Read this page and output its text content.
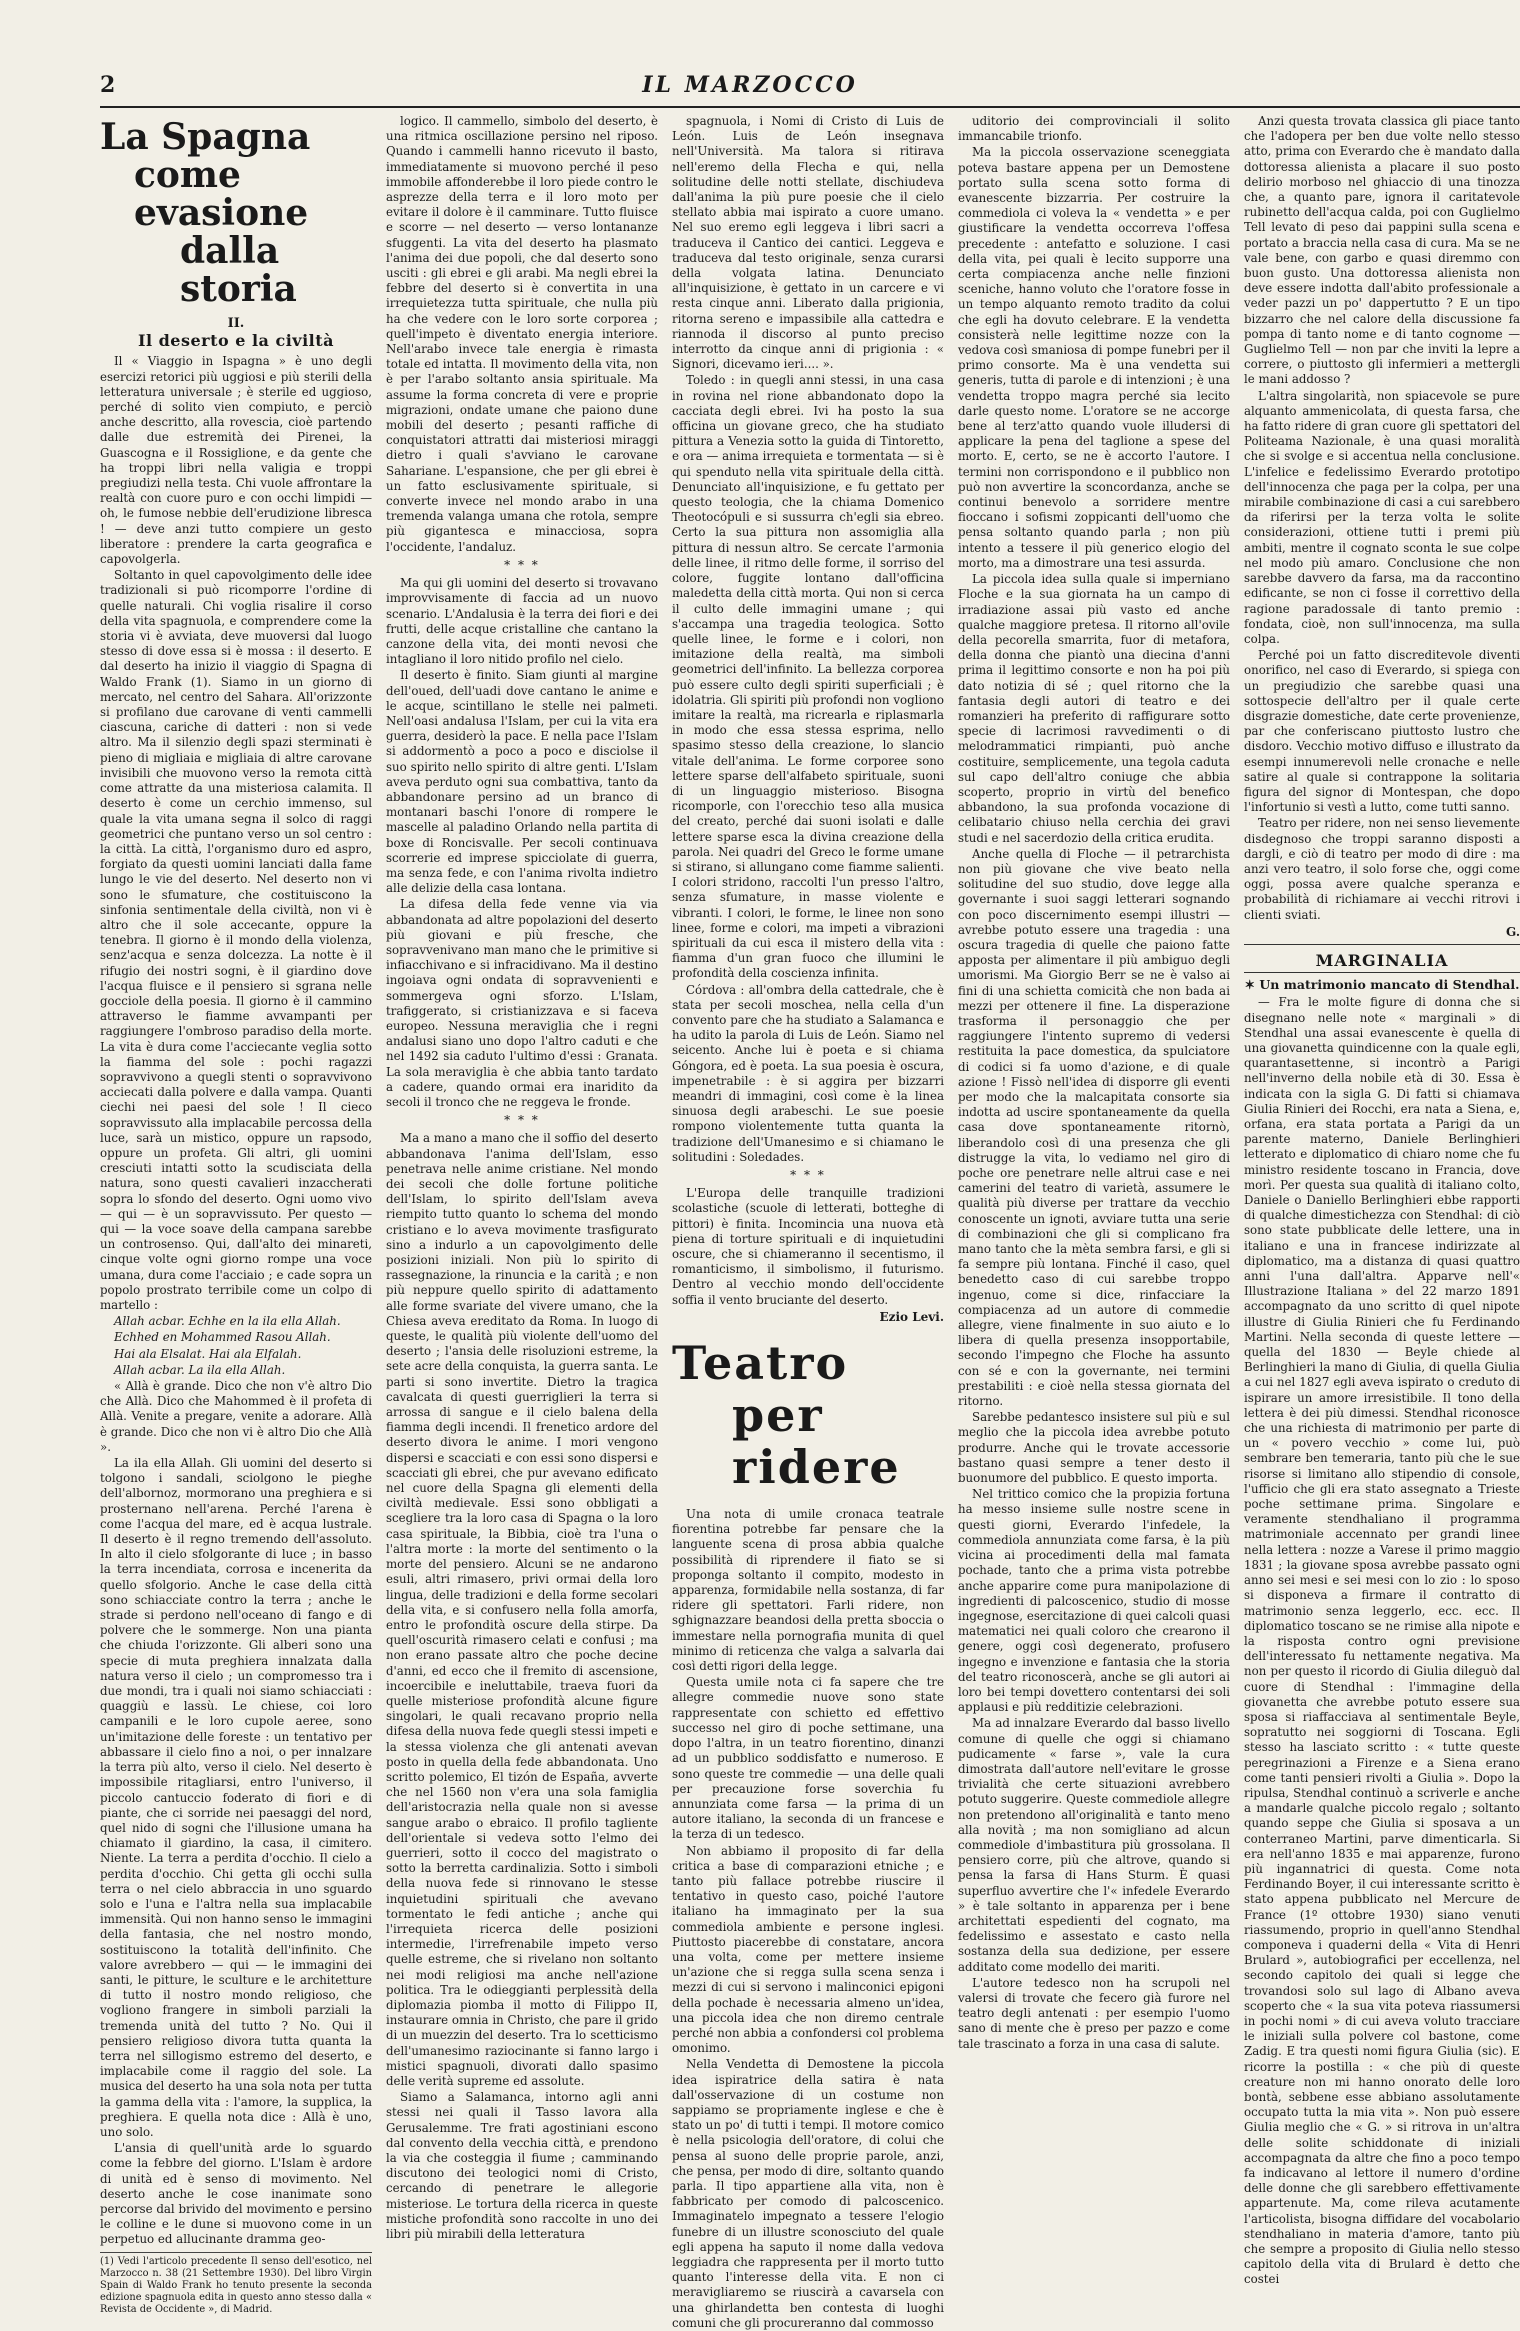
2	IL MARZOCCO
La Spagna
come evasione
dalla storia
II.
Il deserto e la civiltà

Il « Viaggio in Ispagna » è uno degli esercizi retorici più uggiosi e più sterili della letteratura universale ; è sterile ed uggioso, perché di solito vien compiuto, e perciò anche descritto, alla rovescia, cioè partendo dalle due estremità dei Pirenei, la Guascogna e il Rossiglione, e da gente che ha troppi libri nella valigia e troppi pregiudizi nella testa. Chi vuole affrontare la realtà con cuore puro e con occhi limpidi — oh, le fumose nebbie dell'erudizione libresca ! — deve anzi tutto compiere un gesto liberatore : prendere la carta geografica e capovolgerla.

Soltanto in quel capovolgimento delle idee tradizionali si può ricomporre l'ordine di quelle naturali. Chi voglia risalire il corso della vita spagnuola, e comprendere come la storia vi è avviata, deve muoversi dal luogo stesso di dove essa si è mossa : il deserto. E dal deserto ha inizio il viaggio di Spagna di Waldo Frank (1). Siamo in un giorno di mercato, nel centro del Sahara. All'orizzonte si profilano due carovane di venti cammelli ciascuna, cariche di datteri : non si vede altro. Ma il silenzio degli spazi sterminati è pieno di migliaia e migliaia di altre carovane invisibili che muovono verso la remota città come attratte da una misteriosa calamita. Il deserto è come un cerchio immenso, sul quale la vita umana segna il solco di raggi geometrici che puntano verso un sol centro : la città. La città, l'organismo duro ed aspro, forgiato da questi uomini lanciati dalla fame lungo le vie del deserto. Nel deserto non vi sono le sfumature, che costituiscono la sinfonia sentimentale della civiltà, non vi è altro che il sole accecante, oppure la tenebra. Il giorno è il mondo della violenza, senz'acqua e senza dolcezza. La notte è il rifugio dei nostri sogni, è il giardino dove l'acqua fluisce e il pensiero si sgrana nelle gocciole della poesia. Il giorno è il cammino attraverso le fiamme avvampanti per raggiungere l'ombroso paradiso della morte. La vita è dura come l'acciecante veglia sotto la fiamma del sole : pochi ragazzi sopravvivono a quegli stenti o sopravvivono acciecati dalla polvere e dalla vampa. Quanti ciechi nei paesi del sole ! Il cieco sopravvissuto alla implacabile percossa della luce, sarà un mistico, oppure un rapsodo, oppure un profeta. Gli altri, gli uomini cresciuti intatti sotto la scudisciata della natura, sono questi cavalieri inzaccherati sopra lo sfondo del deserto. Ogni uomo vivo — qui — è un sopravvissuto. Per questo — qui — la voce soave della campana sarebbe un controsenso. Qui, dall'alto dei minareti, cinque volte ogni giorno rompe una voce umana, dura come l'acciaio ; e cade sopra un popolo prostrato terribile come un colpo di martello :

Allah acbar. Echhe en la ila ella Allah.

Echhed en Mohammed Rasou Allah.

Hai ala Elsalat. Hai ala Elfalah.

Allah acbar. La ila ella Allah.

« Allà è grande. Dico che non v'è altro Dio che Allà. Dico che Mahommed è il profeta di Allà. Venite a pregare, venite a adorare. Allà è grande. Dico che non vi è altro Dio che Allà ».

La ila ella Allah. Gli uomini del deserto si tolgono i sandali, sciolgono le pieghe dell'albornoz, mormorano una preghiera e si prosternano nell'arena. Perché l'arena è come l'acqua del mare, ed è acqua lustrale. Il deserto è il regno tremendo dell'assoluto. In alto il cielo sfolgorante di luce ; in basso la terra incendiata, corrosa e incenerita da quello sfolgorio. Anche le case della città sono schiacciate contro la terra ; anche le strade si perdono nell'oceano di fango e di polvere che le sommerge. Non una pianta che chiuda l'orizzonte. Gli alberi sono una specie di muta preghiera innalzata dalla natura verso il cielo ; un compromesso tra i due mondi, tra i quali noi siamo schiacciati : quaggiù e lassù. Le chiese, coi loro campanili e le loro cupole aeree, sono un'imitazione delle foreste : un tentativo per abbassare il cielo fino a noi, o per innalzare la terra più alto, verso il cielo. Nel deserto è impossibile ritagliarsi, entro l'universo, il piccolo cantuccio foderato di fiori e di piante, che ci sorride nei paesaggi del nord, quel nido di sogni che l'illusione umana ha chiamato il giardino, la casa, il cimitero. Niente. La terra a perdita d'occhio. Il cielo a perdita d'occhio. Chi getta gli occhi sulla terra o nel cielo abbraccia in uno sguardo solo e l'una e l'altra nella sua implacabile immensità. Qui non hanno senso le immagini della fantasia, che nel nostro mondo, sostituiscono la totalità dell'infinito. Che valore avrebbero — qui — le immagini dei santi, le pitture, le sculture e le architetture di tutto il nostro mondo religioso, che vogliono frangere in simboli parziali la tremenda unità del tutto ? No. Qui il pensiero religioso divora tutta quanta la terra nel sillogismo estremo del deserto, e implacabile come il raggio del sole. La musica del deserto ha una sola nota per tutta la gamma della vita : l'amore, la supplica, la preghiera. E quella nota dice : Allà è uno, uno solo.

L'ansia di quell'unità arde lo sguardo come la febbre del giorno. L'Islam è ardore di unità ed è senso di movimento. Nel deserto anche le cose inanimate sono percorse dal brivido del movimento e persino le colline e le dune si muovono come in un perpetuo ed allucinante dramma geo-

(1) Vedi l'articolo precedente Il senso dell'esotico, nel Marzocco n. 38 (21 Settembre 1930). Del libro Virgin Spain di Waldo Frank ho tenuto presente la seconda edizione spagnuola edita in questo anno stesso dalla « Revista de Occidente », di Madrid.

logico. Il cammello, simbolo del deserto, è una ritmica oscillazione persino nel riposo. Quando i cammelli hanno ricevuto il basto, immediatamente si muovono perché il peso immobile affonderebbe il loro piede contro le asprezze della terra e il loro moto per evitare il dolore è il camminare. Tutto fluisce e scorre — nel deserto — verso lontananze sfuggenti. La vita del deserto ha plasmato l'anima dei due popoli, che dal deserto sono usciti : gli ebrei e gli arabi. Ma negli ebrei la febbre del deserto si è convertita in una irrequietezza tutta spirituale, che nulla più ha che vedere con le loro sorte corporea ; quell'impeto è diventato energia interiore. Nell'arabo invece tale energia è rimasta totale ed intatta. Il movimento della vita, non è per l'arabo soltanto ansia spirituale. Ma assume la forma concreta di vere e proprie migrazioni, ondate umane che paiono dune mobili del deserto ; pesanti raffiche di conquistatori attratti dai misteriosi miraggi dietro i quali s'avviano le carovane Sahariane. L'espansione, che per gli ebrei è un fatto esclusivamente spirituale, si converte invece nel mondo arabo in una tremenda valanga umana che rotola, sempre più gigantesca e minacciosa, sopra l'occidente, l'andaluz.

* * *

Ma qui gli uomini del deserto si trovavano improvvisamente di faccia ad un nuovo scenario. L'Andalusia è la terra dei fiori e dei frutti, delle acque cristalline che cantano la canzone della vita, dei monti nevosi che intagliano il loro nitido profilo nel cielo.

Il deserto è finito. Siam giunti al margine dell'oued, dell'uadi dove cantano le anime e le acque, scintillano le stelle nei palmeti. Nell'oasi andalusa l'Islam, per cui la vita era guerra, desiderò la pace. E nella pace l'Islam si addormentò a poco a poco e disciolse il suo spirito nello spirito di altre genti. L'Islam aveva perduto ogni sua combattiva, tanto da abbandonare persino ad un branco di montanari baschi l'onore di rompere le mascelle al paladino Orlando nella partita di boxe di Roncisvalle. Per secoli continuava scorrerie ed imprese spicciolate di guerra, ma senza fede, e con l'anima rivolta indietro alle delizie della casa lontana.

La difesa della fede venne via via abbandonata ad altre popolazioni del deserto più giovani e più fresche, che sopravvenivano man mano che le primitive si infiacchivano e si infracidivano. Ma il destino ingoiava ogni ondata di sopravvenienti e sommergeva ogni sforzo. L'Islam, trafiggerato, si cristianizzava e si faceva europeo. Nessuna meraviglia che i regni andalusi siano uno dopo l'altro caduti e che nel 1492 sia caduto l'ultimo d'essi : Granata. La sola meraviglia è che abbia tanto tardato a cadere, quando ormai era inaridito da secoli il tronco che ne reggeva le fronde.

* * *

Ma a mano a mano che il soffio del deserto abbandonava l'anima dell'Islam, esso penetrava nelle anime cristiane. Nel mondo dei secoli che dolle fortune politiche dell'Islam, lo spirito dell'Islam aveva riempito tutto quanto lo schema del mondo cristiano e lo aveva movimente trasfigurato sino a indurlo a un capovolgimento delle posizioni iniziali. Non più lo spirito di rassegnazione, la rinuncia e la carità ; e non più neppure quello spirito di adattamento alle forme svariate del vivere umano, che la Chiesa aveva ereditato da Roma. In luogo di queste, le qualità più violente dell'uomo del deserto ; l'ansia delle risoluzioni estreme, la sete acre della conquista, la guerra santa. Le parti si sono invertite. Dietro la tragica cavalcata di questi guerriglieri la terra si arrossa di sangue e il cielo balena della fiamma degli incendi. Il frenetico ardore del deserto divora le anime. I mori vengono dispersi e scacciati e con essi sono dispersi e scacciati gli ebrei, che pur avevano edificato nel cuore della Spagna gli elementi della civiltà medievale. Essi sono obbligati a scegliere tra la loro casa di Spagna o la loro casa spirituale, la Bibbia, cioè tra l'una o l'altra morte : la morte del sentimento o la morte del pensiero. Alcuni se ne andarono esuli, altri rimasero, privi ormai della loro lingua, delle tradizioni e della forme secolari della vita, e si confusero nella folla amorfa, entro le profondità oscure della stirpe. Da quell'oscurità rimasero celati e confusi ; ma non erano passate altro che poche decine d'anni, ed ecco che il fremito di ascensione, incoercibile e ineluttabile, traeva fuori da quelle misteriose profondità alcune figure singolari, le quali recavano proprio nella difesa della nuova fede quegli stessi impeti e la stessa violenza che gli antenati avevan posto in quella della fede abbandonata. Uno scritto polemico, El tizón de España, avverte che nel 1560 non v'era una sola famiglia dell'aristocrazia nella quale non si avesse sangue arabo o ebraico. Il profilo tagliente dell'orientale si vedeva sotto l'elmo dei guerrieri, sotto il cocco del magistrato o sotto la berretta cardinalizia. Sotto i simboli della nuova fede si rinnovano le stesse inquietudini spirituali che avevano tormentato le fedi antiche ; anche qui l'irrequieta ricerca delle posizioni intermedie, l'irrefrenabile impeto verso quelle estreme, che si rivelano non soltanto nei modi religiosi ma anche nell'azione politica. Tra le odieggianti perplessità della diplomazia piomba il motto di Filippo II, instaurare omnia in Christo, che pare il grido di un muezzin del deserto. Tra lo scetticismo dell'umanesimo raziocinante si fanno largo i mistici spagnuoli, divorati dallo spasimo delle verità supreme ed assolute.

Siamo a Salamanca, intorno agli anni stessi nei quali il Tasso lavora alla Gerusalemme. Tre frati agostiniani escono dal convento della vecchia città, e prendono la via che costeggia il fiume ; camminando discutono dei teologici nomi di Cristo, cercando di penetrare le allegorie misteriose. Le tortura della ricerca in queste mistiche profondità sono raccolte in uno dei libri più mirabili della letteratura

spagnuola, i Nomi di Cristo di Luis de León. Luis de León insegnava nell'Università. Ma talora si ritirava nell'eremo della Flecha e qui, nella solitudine delle notti stellate, dischiudeva dall'anima la più pure poesie che il cielo stellato abbia mai ispirato a cuore umano. Nel suo eremo egli leggeva i libri sacri a traduceva il Cantico dei cantici. Leggeva e traduceva dal testo originale, senza curarsi della volgata latina. Denunciato all'inquisizione, è gettato in un carcere e vi resta cinque anni. Liberato dalla prigionia, ritorna sereno e impassibile alla cattedra e riannoda il discorso al punto preciso interrotto da cinque anni di prigionia : « Signori, dicevamo ieri.... ».

Toledo : in quegli anni stessi, in una casa in rovina nel rione abbandonato dopo la cacciata degli ebrei. Ivi ha posto la sua officina un giovane greco, che ha studiato pittura a Venezia sotto la guida di Tintoretto, e ora — anima irrequieta e tormentata — si è qui spenduto nella vita spirituale della città. Denunciato all'inquisizione, e fu gettato per questo teologia, che la chiama Domenico Theotocópuli e si sussurra ch'egli sia ebreo. Certo la sua pittura non assomiglia alla pittura di nessun altro. Se cercate l'armonia delle linee, il ritmo delle forme, il sorriso del colore, fuggite lontano dall'officina maledetta della città morta. Qui non si cerca il culto delle immagini umane ; qui s'accampa una tragedia teologica. Sotto quelle linee, le forme e i colori, non imitazione della realtà, ma simboli geometrici dell'infinito. La bellezza corporea può essere culto degli spiriti superficiali ; è idolatria. Gli spiriti più profondi non vogliono imitare la realtà, ma ricrearla e riplasmarla in modo che essa stessa esprima, nello spasimo stesso della creazione, lo slancio vitale dell'anima. Le forme corporee sono lettere sparse dell'alfabeto spirituale, suoni di un linguaggio misterioso. Bisogna ricomporle, con l'orecchio teso alla musica del creato, perché dai suoni isolati e dalle lettere sparse esca la divina creazione della parola. Nei quadri del Greco le forme umane si stirano, si allungano come fiamme salienti. I colori stridono, raccolti l'un presso l'altro, senza sfumature, in masse violente e vibranti. I colori, le forme, le linee non sono linee, forme e colori, ma impeti a vibrazioni spirituali da cui esca il mistero della vita : fiamma d'un gran fuoco che illumini le profondità della coscienza infinita.

Córdova : all'ombra della cattedrale, che è stata per secoli moschea, nella cella d'un convento pare che ha studiato a Salamanca e ha udito la parola di Luis de León. Siamo nel seicento. Anche lui è poeta e si chiama Góngora, ed è poeta. La sua poesia è oscura, impenetrabile : è si aggira per bizzarri meandri di immagini, così come è la linea sinuosa degli arabeschi. Le sue poesie rompono violentemente tutta quanta la tradizione dell'Umanesimo e si chiamano le solitudini : Soledades.

* * *

L'Europa delle tranquille tradizioni scolastiche (scuole di letterati, botteghe di pittori) è finita. Incomincia una nuova età piena di torture spirituali e di inquietudini oscure, che si chiameranno il secentismo, il romanticismo, il simbolismo, il futurismo. Dentro al vecchio mondo dell'occidente soffia il vento bruciante del deserto.

Ezio Levi.
Teatro
per ridere

Una nota di umile cronaca teatrale fiorentina potrebbe far pensare che la languente scena di prosa abbia qualche possibilità di riprendere il fiato se si proponga soltanto il compito, modesto in apparenza, formidabile nella sostanza, di far ridere gli spettatori. Farli ridere, non sghignazzare beandosi della pretta sboccia o immestare nella pornografia munita di quel minimo di reticenza che valga a salvarla dai così detti rigori della legge.

Questa umile nota ci fa sapere che tre allegre commedie nuove sono state rappresentate con schietto ed effettivo successo nel giro di poche settimane, una dopo l'altra, in un teatro fiorentino, dinanzi ad un pubblico soddisfatto e numeroso. E sono queste tre commedie — una delle quali per precauzione forse soverchia fu annunziata come farsa — la prima di un autore italiano, la seconda di un francese e la terza di un tedesco.

Non abbiamo il proposito di far della critica a base di comparazioni etniche ; e tanto più fallace potrebbe riuscire il tentativo in questo caso, poiché l'autore italiano ha immaginato per la sua commediola ambiente e persone inglesi. Piuttosto piacerebbe di constatare, ancora una volta, come per mettere insieme un'azione che si regga sulla scena senza i mezzi di cui si servono i malinconici epigoni della pochade è necessaria almeno un'idea, una piccola idea che non diremo centrale perché non abbia a confondersi col problema omonimo.

Nella Vendetta di Demostene la piccola idea ispiratrice della satira è nata dall'osservazione di un costume non sappiamo se propriamente inglese e che è stato un po' di tutti i tempi. Il motore comico è nella psicologia dell'oratore, di colui che pensa al suono delle proprie parole, anzi, che pensa, per modo di dire, soltanto quando parla. Il tipo appartiene alla vita, non è fabbricato per comodo di palcoscenico. Immaginatelo impegnato a tessere l'elogio funebre di un illustre sconosciuto del quale egli appena ha saputo il nome dalla vedova leggiadra che rappresenta per il morto tutto quanto l'interesse della vita. E non ci meravigliaremo se riuscirà a cavarsela con una ghirlandetta ben contesta di luoghi comuni che gli procureranno dal commosso

uditorio dei comprovinciali il solito immancabile trionfo.

Ma la piccola osservazione sceneggiata poteva bastare appena per un Demostene portato sulla scena sotto forma di evanescente bizzarria. Per costruire la commediola ci voleva la « vendetta » e per giustificare la vendetta occorreva l'offesa precedente : antefatto e soluzione. I casi della vita, pei quali è lecito supporre una certa compiacenza anche nelle finzioni sceniche, hanno voluto che l'oratore fosse in un tempo alquanto remoto tradito da colui che egli ha dovuto celebrare. E la vendetta consisterà nelle legittime nozze con la vedova così smaniosa di pompe funebri per il primo consorte. Ma è una vendetta sui generis, tutta di parole e di intenzioni ; è una vendetta troppo magra perché sia lecito darle questo nome. L'oratore se ne accorge bene al terz'atto quando vuole illudersi di applicare la pena del taglione a spese del morto. E, certo, se ne è accorto l'autore. I termini non corrispondono e il pubblico non può non avvertire la sconcordanza, anche se continui benevolo a sorridere mentre fioccano i sofismi zoppicanti dell'uomo che pensa soltanto quando parla ; non più intento a tessere il più generico elogio del morto, ma a dimostrare una tesi assurda.

La piccola idea sulla quale si imperniano Floche e la sua giornata ha un campo di irradiazione assai più vasto ed anche qualche maggiore pretesa. Il ritorno all'ovile della pecorella smarrita, fuor di metafora, della donna che piantò una diecina d'anni prima il legittimo consorte e non ha poi più dato notizia di sé ; quel ritorno che la fantasia degli autori di teatro e dei romanzieri ha preferito di raffigurare sotto specie di lacrimosi ravvedimenti o di melodrammatici rimpianti, può anche costituire, semplicemente, una tegola caduta sul capo dell'altro coniuge che abbia scoperto, proprio in virtù del benefico abbandono, la sua profonda vocazione di celibatario chiuso nella cerchia dei gravi studi e nel sacerdozio della critica erudita.

Anche quella di Floche — il petrarchista non più giovane che vive beato nella solitudine del suo studio, dove legge alla governante i suoi saggi letterari sognando con poco discernimento esempi illustri — avrebbe potuto essere una tragedia : una oscura tragedia di quelle che paiono fatte apposta per alimentare il più ambiguo degli umorismi. Ma Giorgio Berr se ne è valso ai fini di una schietta comicità che non bada ai mezzi per ottenere il fine. La disperazione trasforma il personaggio che per raggiungere l'intento supremo di vedersi restituita la pace domestica, da spulciatore di codici si fa uomo d'azione, e di quale azione ! Fissò nell'idea di disporre gli eventi per modo che la malcapitata consorte sia indotta ad uscire spontaneamente da quella casa dove spontaneamente ritornò, liberandolo così di una presenza che gli distrugge la vita, lo vediamo nel giro di poche ore penetrare nelle altrui case e nei camerini del teatro di varietà, assumere le qualità più diverse per trattare da vecchio conoscente un ignoti, avviare tutta una serie di combinazioni che gli si complicano fra mano tanto che la mèta sembra farsi, e gli si fa sempre più lontana. Finché il caso, quel benedetto caso di cui sarebbe troppo ingenuo, come si dice, rinfacciare la compiacenza ad un autore di commedie allegre, viene finalmente in suo aiuto e lo libera di quella presenza insopportabile, secondo l'impegno che Floche ha assunto con sé e con la governante, nei termini prestabiliti : e cioè nella stessa giornata del ritorno.

Sarebbe pedantesco insistere sul più e sul meglio che la piccola idea avrebbe potuto produrre. Anche qui le trovate accessorie bastano quasi sempre a tener desto il buonumore del pubblico. E questo importa.

Nel trittico comico che la propizia fortuna ha messo insieme sulle nostre scene in questi giorni, Everardo l'infedele, la commediola annunziata come farsa, è la più vicina ai procedimenti della mal famata pochade, tanto che a prima vista potrebbe anche apparire come pura manipolazione di ingredienti di palcoscenico, studio di mosse ingegnose, esercitazione di quei calcoli quasi matematici nei quali coloro che crearono il genere, oggi così degenerato, profusero ingegno e invenzione e fantasia che la storia del teatro riconoscerà, anche se gli autori ai loro bei tempi dovettero contentarsi dei soli applausi e più redditizie celebrazioni.

Ma ad innalzare Everardo dal basso livello comune di quelle che oggi si chiamano pudicamente « farse », vale la cura dimostrata dall'autore nell'evitare le grosse trivialità che certe situazioni avrebbero potuto suggerire. Queste commediole allegre non pretendono all'originalità e tanto meno alla novità ; ma non somigliano ad alcun commediole d'imbastitura più grossolana. Il pensiero corre, più che altrove, quando si pensa la farsa di Hans Sturm. È quasi superfluo avvertire che l'« infedele Everardo » è tale soltanto in apparenza per i bene architettati espedienti del cognato, ma fedelissimo e assestato e casto nella sostanza della sua dedizione, per essere additato come modello dei mariti.

L'autore tedesco non ha scrupoli nel valersi di trovate che fecero già furore nel teatro degli antenati : per esempio l'uomo sano di mente che è preso per pazzo e come tale trascinato a forza in una casa di salute.

Anzi questa trovata classica gli piace tanto che l'adopera per ben due volte nello stesso atto, prima con Everardo che è mandato dalla dottoressa alienista a placare il suo posto delirio morboso nel ghiaccio di una tinozza che, a quanto pare, ignora il caritatevole rubinetto dell'acqua calda, poi con Guglielmo Tell levato di peso dai pappini sulla scena e portato a braccia nella casa di cura. Ma se ne vale bene, con garbo e quasi diremmo con buon gusto. Una dottoressa alienista non deve essere indotta dall'abito professionale a veder pazzi un po' dappertutto ? E un tipo bizzarro che nel calore della discussione fa pompa di tanto nome e di tanto cognome — Guglielmo Tell — non par che inviti la lepre a correre, o piuttosto gli infermieri a mettergli le mani addosso ?

L'altra singolarità, non spiacevole se pure alquanto ammenicolata, di questa farsa, che ha fatto ridere di gran cuore gli spettatori del Politeama Nazionale, è una quasi moralità che si svolge e si accentua nella conclusione. L'infelice e fedelissimo Everardo prototipo dell'innocenza che paga per la colpa, per una mirabile combinazione di casi a cui sarebbero da riferirsi per la terza volta le solite considerazioni, ottiene tutti i premi più ambiti, mentre il cognato sconta le sue colpe nel modo più amaro. Conclusione che non sarebbe davvero da farsa, ma da raccontino edificante, se non ci fosse il correttivo della ragione paradossale di tanto premio : fondata, cioè, non sull'innocenza, ma sulla colpa.

Perché poi un fatto discreditevole diventi onorifico, nel caso di Everardo, si spiega con un pregiudizio che sarebbe quasi una sottospecie dell'altro per il quale certe disgrazie domestiche, date certe provenienze, par che conferiscano piuttosto lustro che disdoro. Vecchio motivo diffuso e illustrato da esempi innumerevoli nelle cronache e nelle satire al quale si contrappone la solitaria figura del signor di Montespan, che dopo l'infortunio si vestì a lutto, come tutti sanno.

Teatro per ridere, non nei senso lievemente disdegnoso che troppi saranno disposti a dargli, e ciò di teatro per modo di dire : ma anzi vero teatro, il solo forse che, oggi come oggi, possa avere qualche speranza e probabilità di richiamare ai vecchi ritrovi i clienti sviati.

G.
MARGINALIA
✶ Un matrimonio mancato di Stendhal.

— Fra le molte figure di donna che si disegnano nelle note « marginali » di Stendhal una assai evanescente è quella di una giovanetta quindicenne con la quale egli, quarantasettenne, si incontrò a Parigi nell'inverno della nobile età di 30. Essa è indicata con la sigla G. Di fatti si chiamava Giulia Rinieri dei Rocchi, era nata a Siena, e, orfana, era stata portata a Parigi da un parente materno, Daniele Berlinghieri letterato e diplomatico di chiaro nome che fu ministro residente toscano in Francia, dove morì. Per questa sua qualità di italiano colto, Daniele o Daniello Berlinghieri ebbe rapporti di qualche dimestichezza con Stendhal: di ciò sono state pubblicate delle lettere, una in italiano e una in francese indirizzate al diplomatico, ma a distanza di quasi quattro anni l'una dall'altra. Apparve nell'« Illustrazione Italiana » del 22 marzo 1891 accompagnato da uno scritto di quel nipote illustre di Giulia Rinieri che fu Ferdinando Martini. Nella seconda di queste lettere — quella del 1830 — Beyle chiede al Berlinghieri la mano di Giulia, di quella Giulia a cui nel 1827 egli aveva ispirato o creduto di ispirare un amore irresistibile. Il tono della lettera è dei più dimessi. Stendhal riconosce che una richiesta di matrimonio per parte di un « povero vecchio » come lui, può sembrare ben temeraria, tanto più che le sue risorse si limitano allo stipendio di console, l'ufficio che gli era stato assegnato a Trieste poche settimane prima. Singolare e veramente stendhaliano il programma matrimoniale accennato per grandi linee nella lettera : nozze a Varese il primo maggio 1831 ; la giovane sposa avrebbe passato ogni anno sei mesi e sei mesi con lo zio : lo sposo si disponeva a firmare il contratto di matrimonio senza leggerlo, ecc. ecc. Il diplomatico toscano se ne rimise alla nipote e la risposta contro ogni previsione dell'interessato fu nettamente negativa. Ma non per questo il ricordo di Giulia dileguò dal cuore di Stendhal : l'immagine della giovanetta che avrebbe potuto essere sua sposa si riaffacciava al sentimentale Beyle, sopratutto nei soggiorni di Toscana. Egli stesso ha lasciato scritto : « tutte queste peregrinazioni a Firenze e a Siena erano come tanti pensieri rivolti a Giulia ». Dopo la ripulsa, Stendhal continuò a scriverle e anche a mandarle qualche piccolo regalo ; soltanto quando seppe che Giulia si sposava a un conterraneo Martini, parve dimenticarla. Si era nell'anno 1835 e mai apparenze, furono più ingannatrici di questa. Come nota Ferdinando Boyer, il cui interessante scritto è stato appena pubblicato nel Mercure de France (1º ottobre 1930) siano venuti riassumendo, proprio in quell'anno Stendhal componeva i quaderni della « Vita di Henri Brulard », autobiografici per eccellenza, nel secondo capitolo dei quali si legge che trovandosi solo sul lago di Albano aveva scoperto che « la sua vita poteva riassumersi in pochi nomi » di cui aveva voluto tracciare le iniziali sulla polvere col bastone, come Zadig. E tra questi nomi figura Giulia (sic). E ricorre la postilla : « che più di queste creature non mi hanno onorato delle loro bontà, sebbene esse abbiano assolutamente occupato tutta la mia vita ». Non può essere Giulia meglio che « G. » si ritrova in un'altra delle solite schiddonate di iniziali accompagnata da altre che fino a poco tempo fa indicavano al lettore il numero d'ordine delle donne che gli sarebbero effettivamente appartenute. Ma, come rileva acutamente l'articolista, bisogna diffidare del vocabolario stendhaliano in materia d'amore, tanto più che sempre a proposito di Giulia nello stesso capitolo della vita di Brulard è detto che costei
